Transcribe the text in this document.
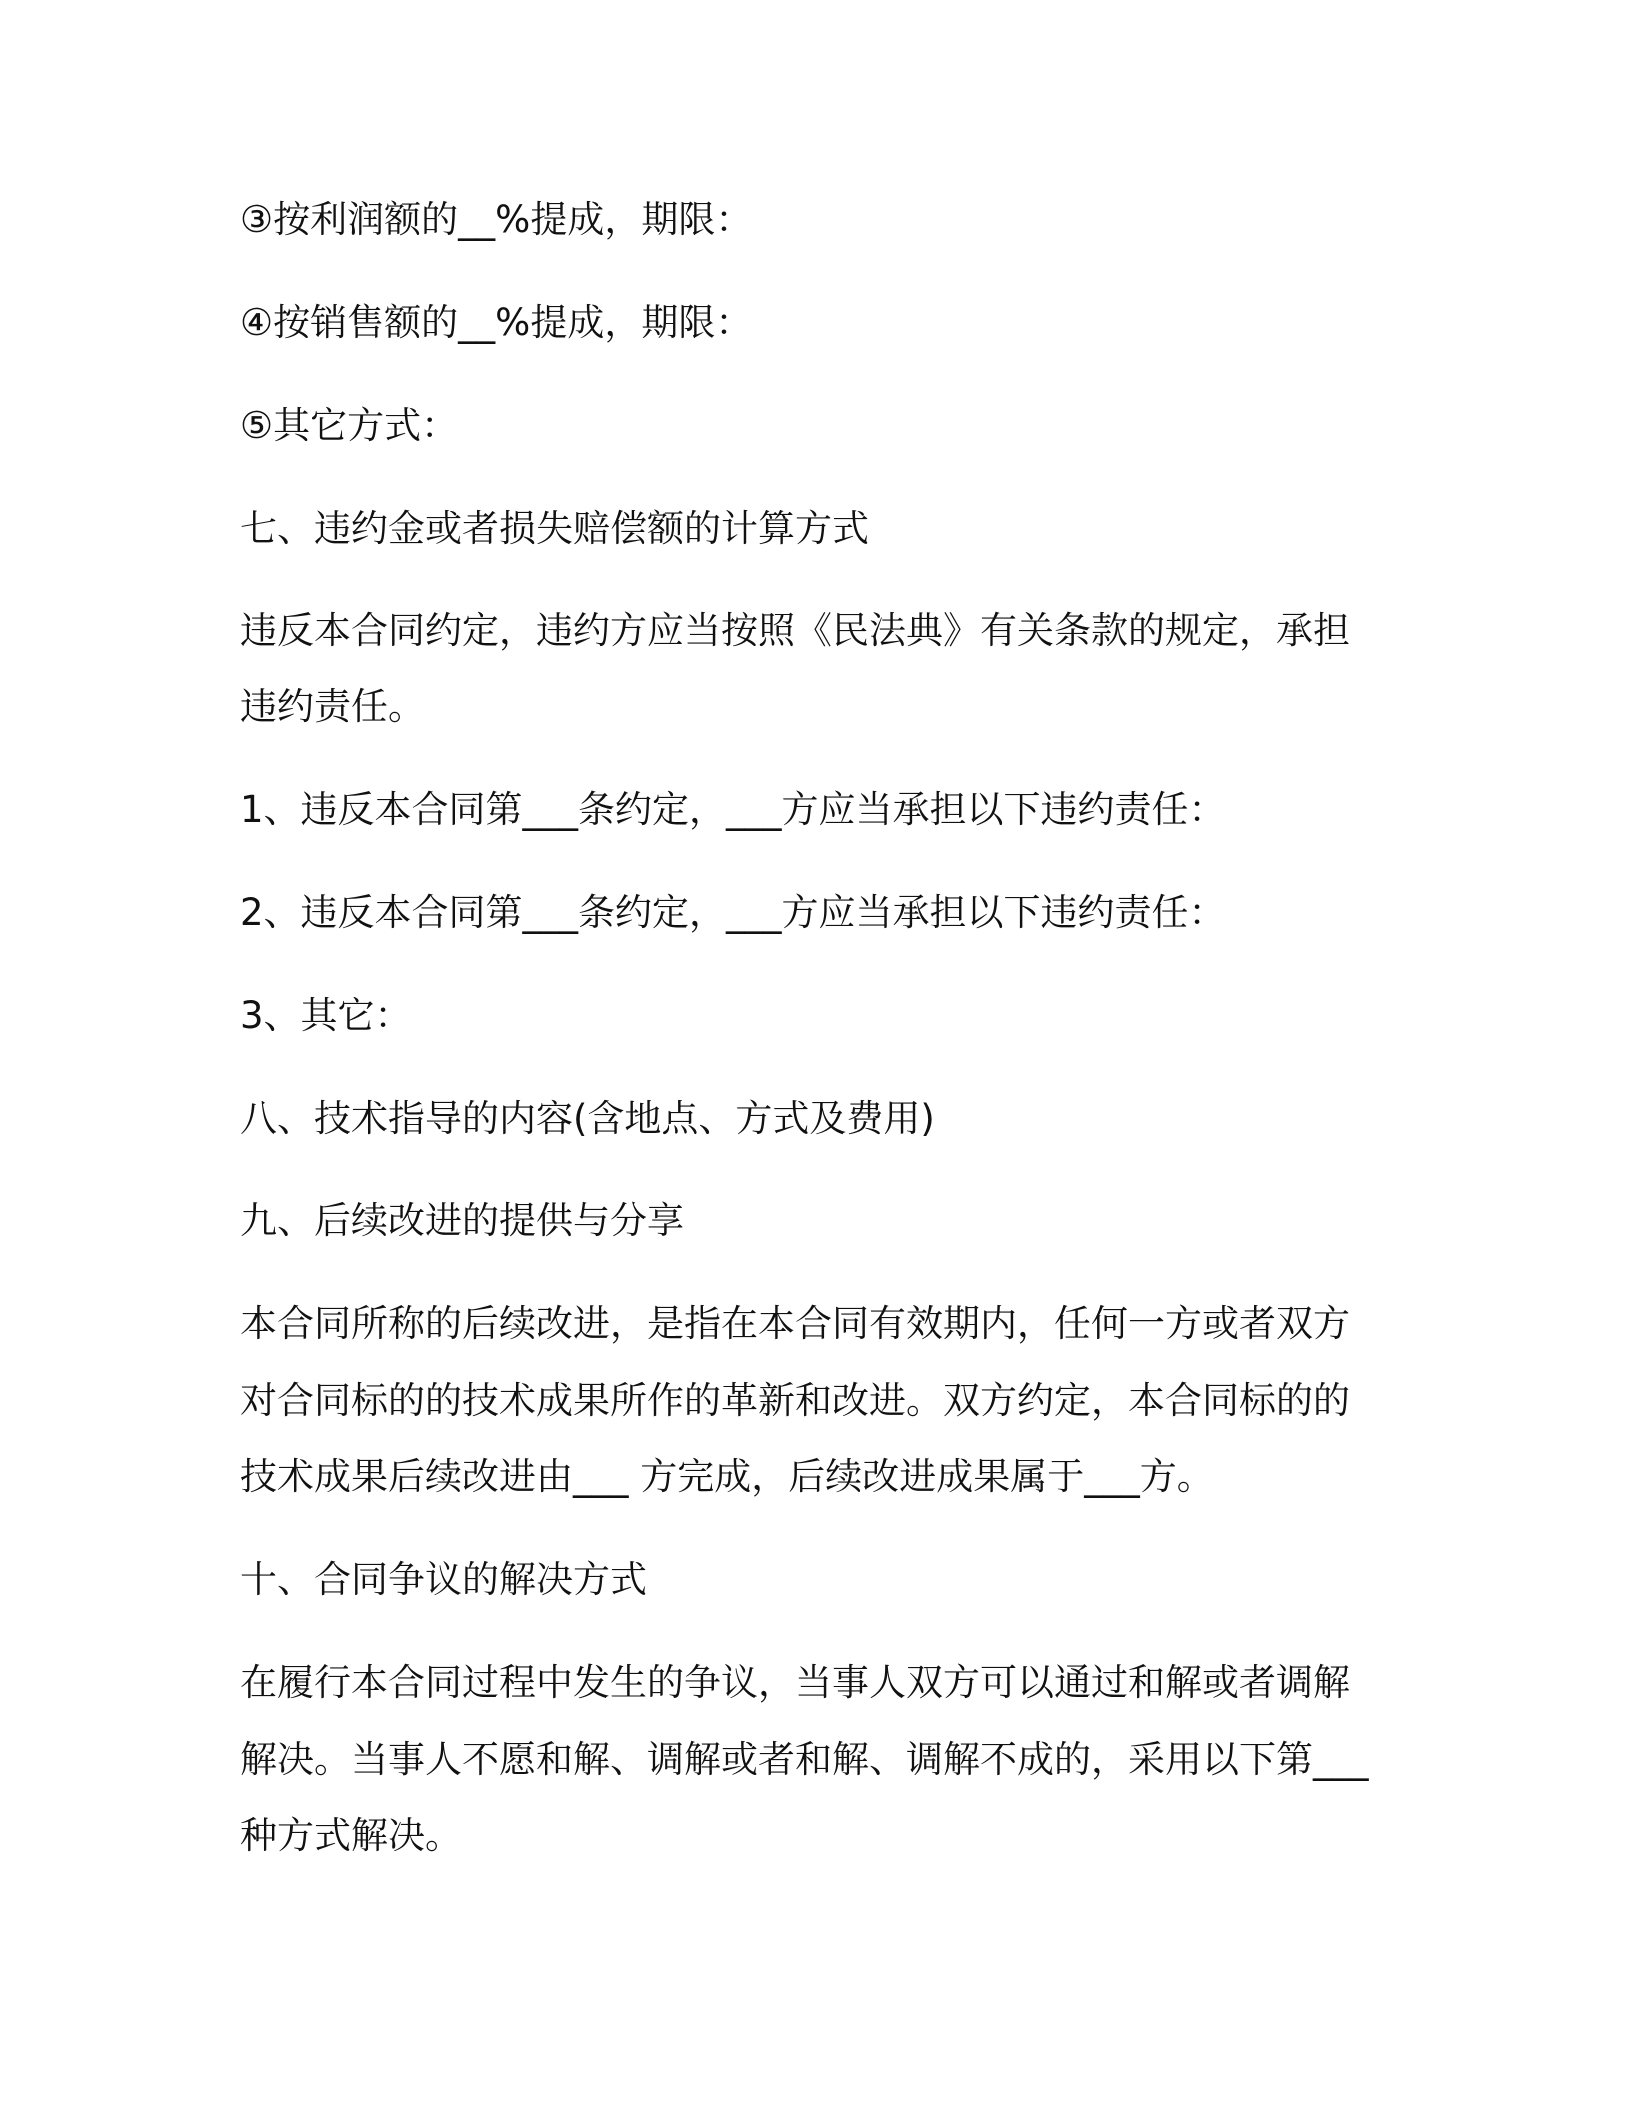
③按利润额的__%提成，期限：
④按销售额的__%提成，期限：
⑤其它方式：
七、违约金或者损失赔偿额的计算方式
违反本合同约定，违约方应当按照《民法典》有关条款的规定，承担
违约责任。
1、违反本合同第___条约定，___方应当承担以下违约责任：
2、违反本合同第___条约定，___方应当承担以下违约责任：
3、其它：
八、技术指导的内容(含地点、方式及费用)
九、后续改进的提供与分享
本合同所称的后续改进，是指在本合同有效期内，任何一方或者双方
对合同标的的技术成果所作的革新和改进。双方约定，本合同标的的
技术成果后续改进由___ 方完成，后续改进成果属于___方。
十、合同争议的解决方式
在履行本合同过程中发生的争议，当事人双方可以通过和解或者调解
解决。当事人不愿和解、调解或者和解、调解不成的，采用以下第___
种方式解决。
